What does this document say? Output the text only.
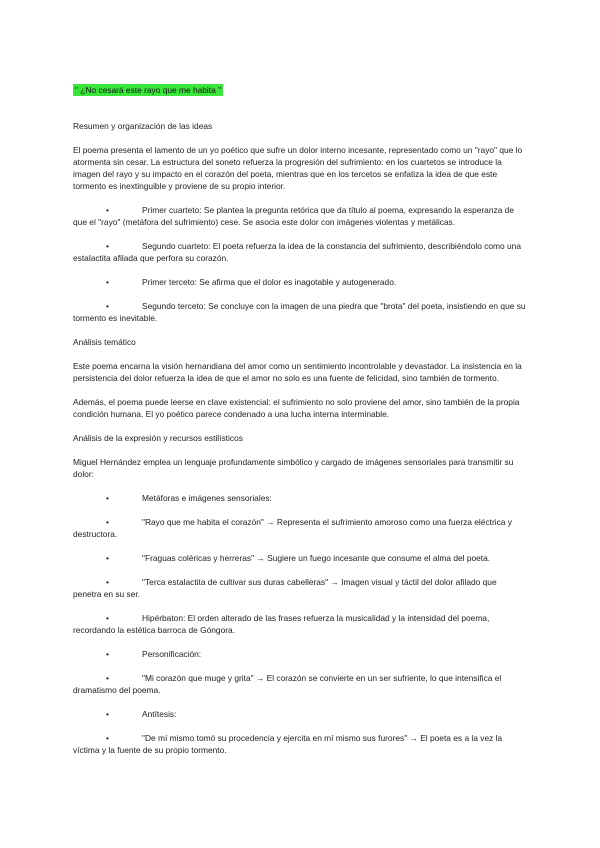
" ¿No cesará este rayo que me habita "
Resumen y organización de las ideas
El poema presenta el lamento de un yo poético que sufre un dolor interno incesante, representado como un "rayo" que lo atormenta sin cesar. La estructura del soneto refuerza la progresión del sufrimiento: en los cuartetos se introduce la imagen del rayo y su impacto en el corazón del poeta, mientras que en los tercetos se enfatiza la idea de que este tormento es inextinguible y proviene de su propio interior.
•Primer cuarteto: Se plantea la pregunta retórica que da título al poema, expresando la esperanza de que el "rayo" (metáfora del sufrimiento) cese. Se asocia este dolor con imágenes violentas y metálicas.
•Segundo cuarteto: El poeta refuerza la idea de la constancia del sufrimiento, describiéndolo como una estalactita afilada que perfora su corazón.
•Primer terceto: Se afirma que el dolor es inagotable y autogenerado.
•Segundo terceto: Se concluye con la imagen de una piedra que "brota" del poeta, insistiendo en que su tormento es inevitable.
Análisis temático
Este poema encarna la visión hernandiana del amor como un sentimiento incontrolable y devastador. La insistencia en la persistencia del dolor refuerza la idea de que el amor no solo es una fuente de felicidad, sino también de tormento.
Además, el poema puede leerse en clave existencial: el sufrimiento no solo proviene del amor, sino también de la propia condición humana. El yo poético parece condenado a una lucha interna interminable.
Análisis de la expresión y recursos estilísticos
Miguel Hernández emplea un lenguaje profundamente simbólico y cargado de imágenes sensoriales para transmitir su dolor:
•Metáforas e imágenes sensoriales:
•"Rayo que me habita el corazón" → Representa el sufrimiento amoroso como una fuerza eléctrica y destructora.
•"Fraguas coléricas y herreras" → Sugiere un fuego incesante que consume el alma del poeta.
•"Terca estalactita de cultivar sus duras cabelleras" → Imagen visual y táctil del dolor afilado que penetra en su ser.
•Hipérbaton: El orden alterado de las frases refuerza la musicalidad y la intensidad del poema, recordando la estética barroca de Góngora.
•Personificación:
•"Mi corazón que muge y grita" → El corazón se convierte en un ser sufriente, lo que intensifica el dramatismo del poema.
•Antítesis:
•"De mí mismo tomó su procedencia y ejercita en mí mismo sus furores" → El poeta es a la vez la víctima y la fuente de su propio tormento.
